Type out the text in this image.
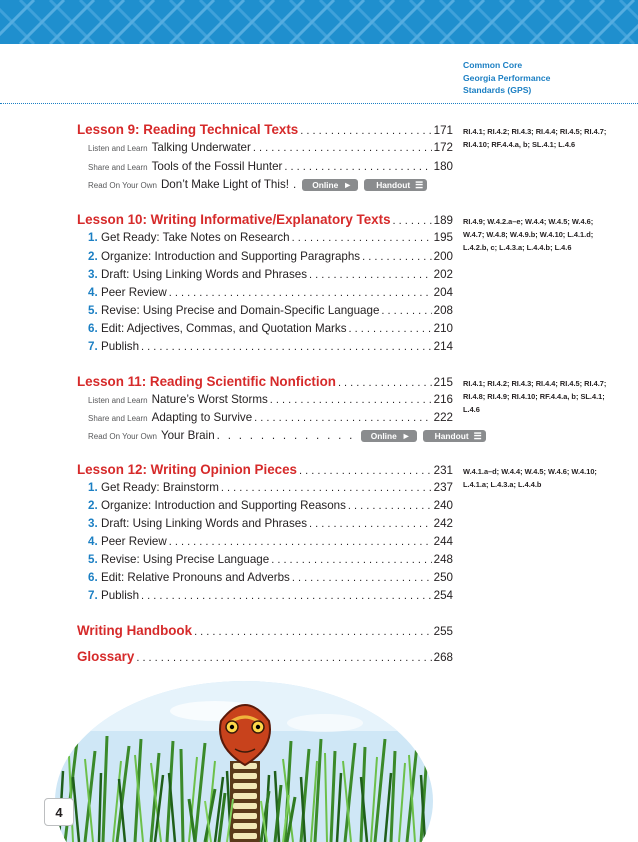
Common Core
Georgia Performance
Standards (GPS)
Lesson 9: Reading Technical Texts . . .	171
Listen and Learn Talking Underwater . . .	172
Share and Learn Tools of the Fossil Hunter . . .	180
Read On Your Own Don’t Make Light of This! . Online ►	Handout ☰
Lesson 10: Writing Informative/Explanatory Texts . . .	189
1. Get Ready: Take Notes on Research . . .	195
2. Organize: Introduction and Supporting Paragraphs . . .	200
3. Draft: Using Linking Words and Phrases . . .	202
4. Peer Review . . .	204
5. Revise: Using Precise and Domain-Specific Language . . .	208
6. Edit: Adjectives, Commas, and Quotation Marks . . .	210
7. Publish . . .	214
Lesson 11: Reading Scientific Nonfiction . . .	215
Listen and Learn Nature’s Worst Storms . . .	216
Share and Learn Adapting to Survive . . .	222
Read On Your Own Your Brain . . . . . . . . . . . . . Online ►	Handout ☰
Lesson 12: Writing Opinion Pieces . . .	231
1. Get Ready: Brainstorm . . .	237
2. Organize: Introduction and Supporting Reasons . . .	240
3. Draft: Using Linking Words and Phrases . . .	242
4. Peer Review . . .	244
5. Revise: Using Precise Language . . .	248
6. Edit: Relative Pronouns and Adverbs . . .	250
7. Publish . . .	254
Writing Handbook . . .	255
Glossary . . .	268
RI.4.1; RI.4.2; RI.4.3; RI.4.4; RI.4.5; RI.4.7; RI.4.10; RF.4.4.a, b; SL.4.1; L.4.6
RI.4.9; W.4.2.a–e; W.4.4; W.4.5; W.4.6; W.4.7; W.4.8; W.4.9.b; W.4.10; L.4.1.d; L.4.2.b, c; L.4.3.a; L.4.4.b; L.4.6
RI.4.1; RI.4.2; RI.4.3; RI.4.4; RI.4.5; RI.4.7; RI.4.8; RI.4.9; RI.4.10; RF.4.4.a, b; SL.4.1; L.4.6
W.4.1.a–d; W.4.4; W.4.5; W.4.6; W.4.10; L.4.1.a; L.4.3.a; L.4.4.b
4
